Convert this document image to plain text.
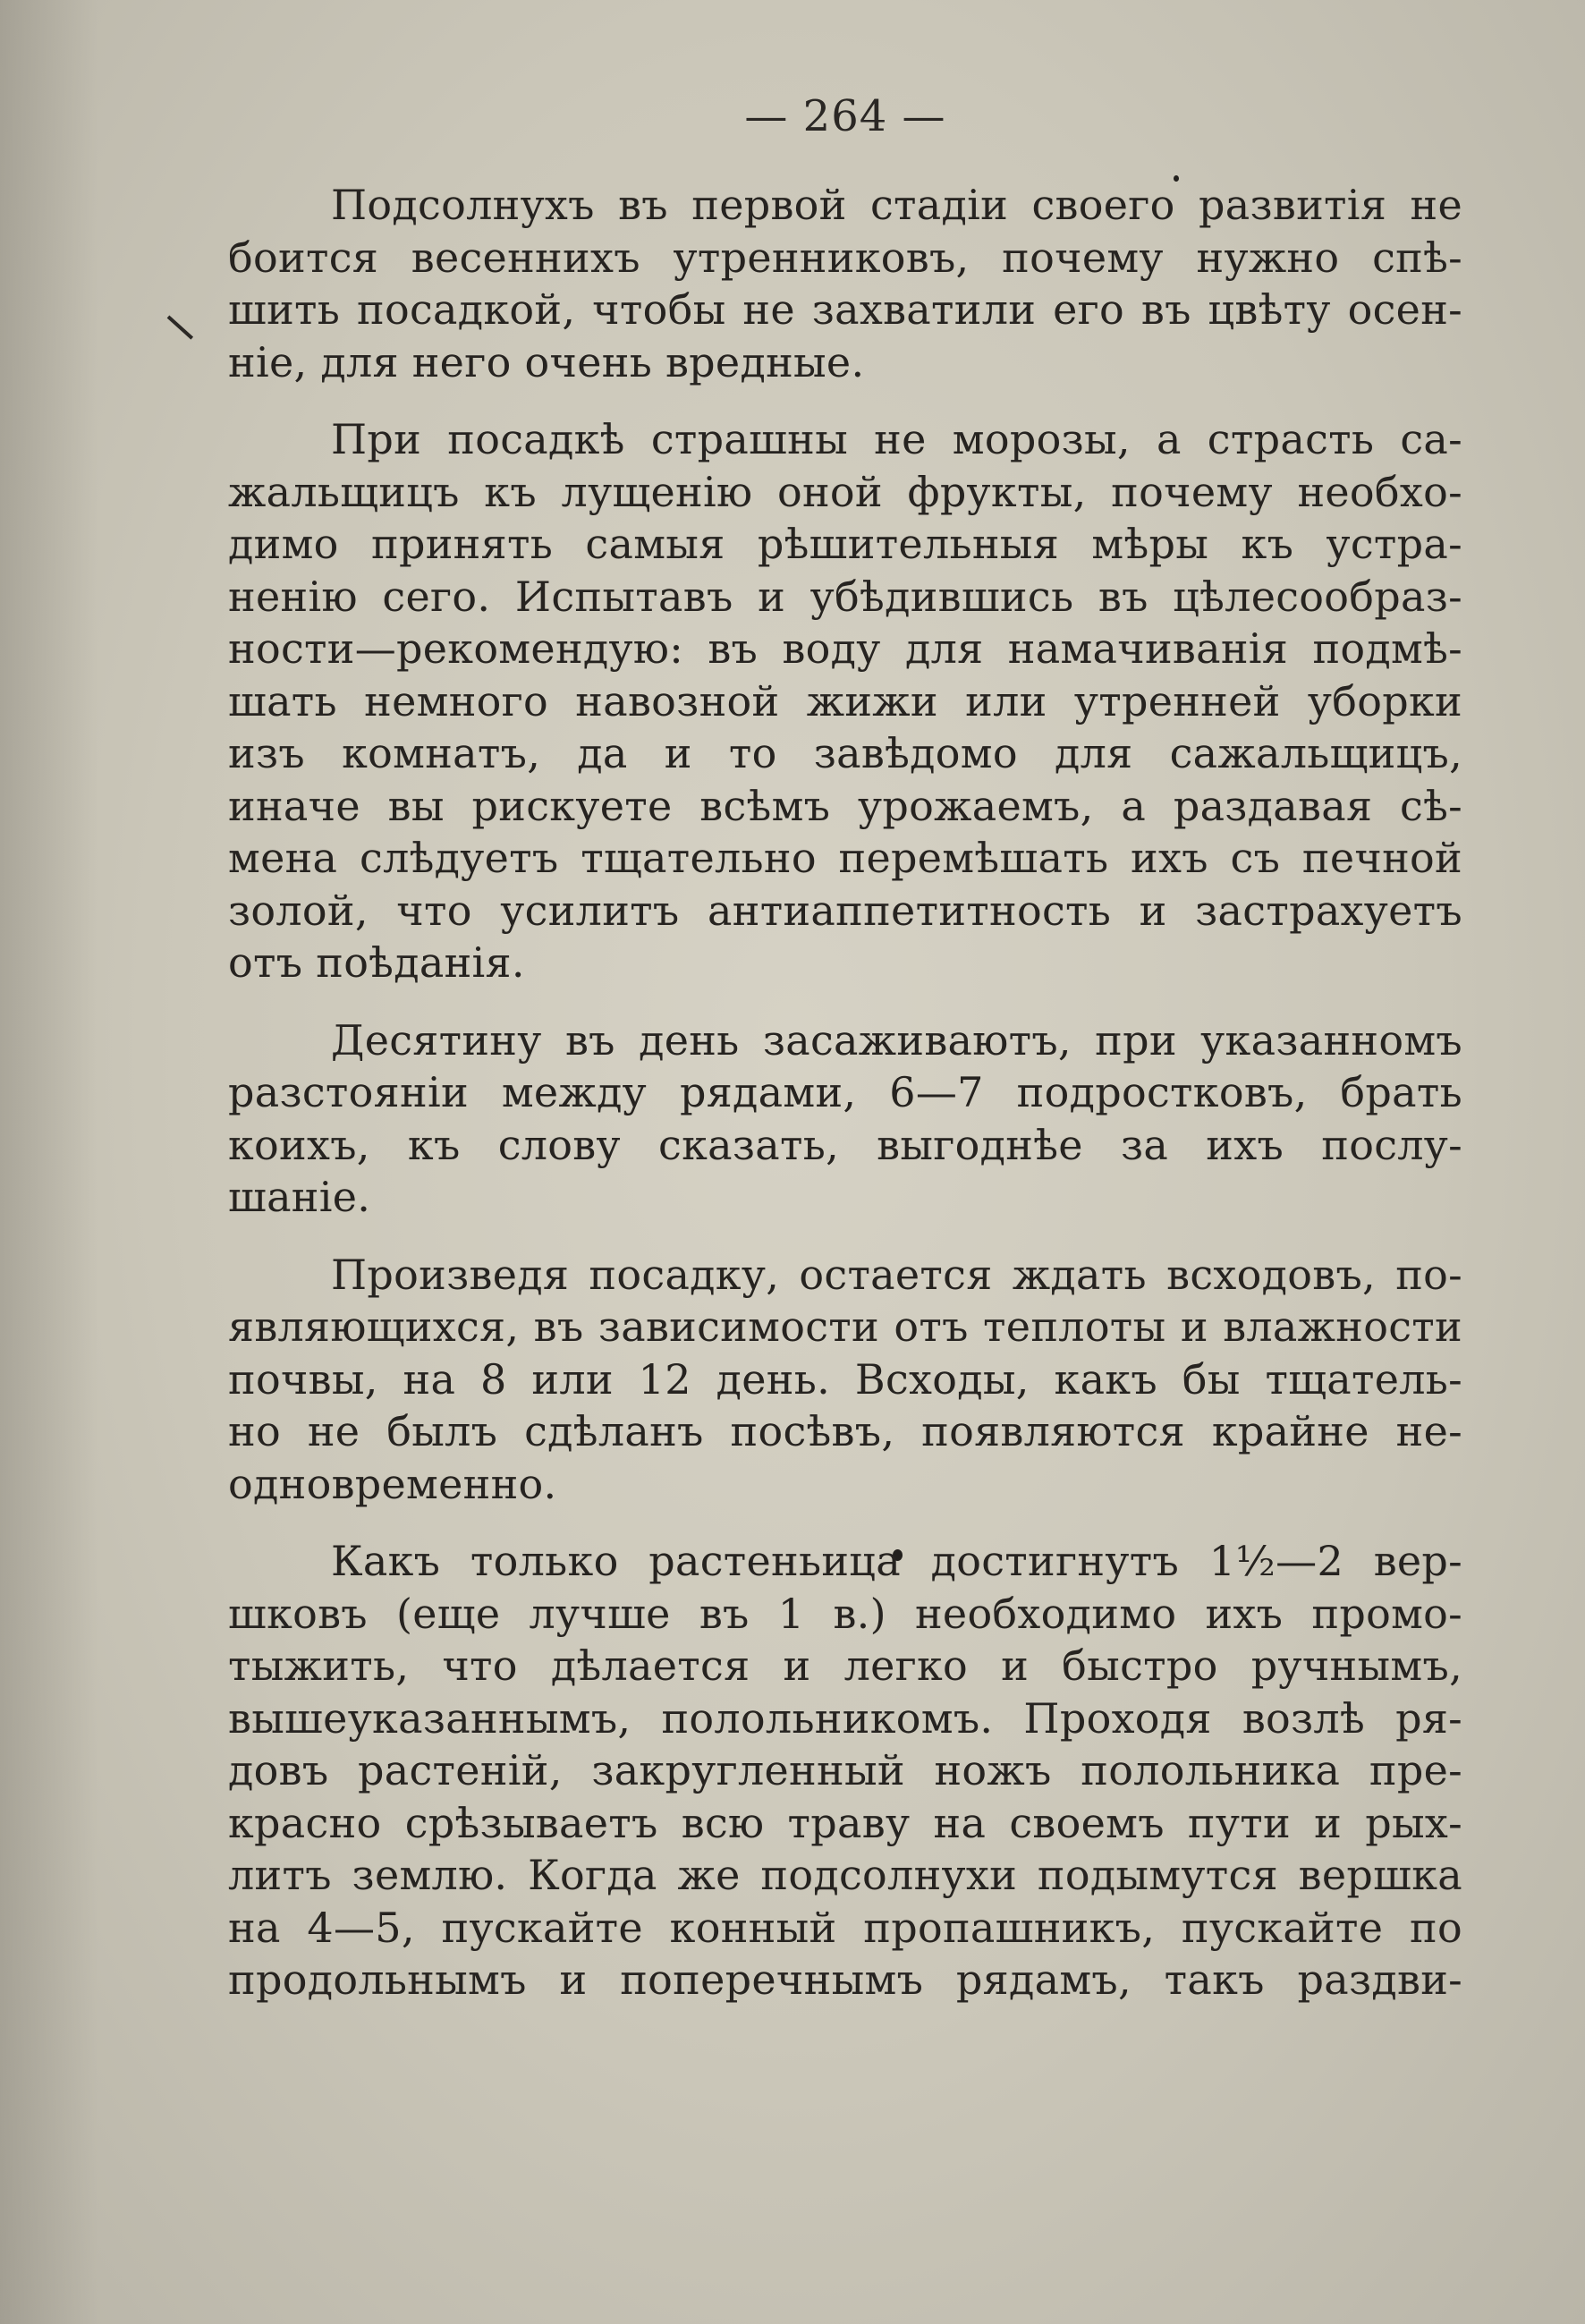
— 264 —
Подсолнухъ въ первой стадiи своего развитiя не
боится весеннихъ утренниковъ, почему нужно спѣ-
шить посадкой, чтобы не захватили его въ цвѣту осен-
нiе, для него очень вредные.
При посадкѣ страшны не морозы, а страсть са-
жальщицъ къ лущенiю оной фрукты, почему необхо-
димо принять самыя рѣшительныя мѣры къ устра-
ненiю сего. Испытавъ и убѣдившись въ цѣлесообраз-
ности—рекомендую: въ воду для намачиванiя подмѣ-
шать немного навозной жижи или утренней уборки
изъ комнатъ, да и то завѣдомо для сажальщицъ,
иначе вы рискуете всѣмъ урожаемъ, а раздавая сѣ-
мена слѣдуетъ тщательно перемѣшать ихъ съ печной
золой, что усилитъ антиаппетитность и застрахуетъ
отъ поѣданiя.
Десятину въ день засаживаютъ, при указанномъ
разстоянiи между рядами, 6—7 подростковъ, брать
коихъ, къ слову сказать, выгоднѣе за ихъ послу-
шанiе.
Произведя посадку, остается ждать всходовъ, по-
являющихся, въ зависимости отъ теплоты и влажности
почвы, на 8 или 12 день. Всходы, какъ бы тщатель-
но не былъ сдѣланъ посѣвъ, появляются крайне не-
одновременно.
Какъ только растеньица достигнутъ 1½—2 вер-
шковъ (еще лучше въ 1 в.) необходимо ихъ промо-
тыжить, что дѣлается и легко и быстро ручнымъ,
вышеуказаннымъ, полольникомъ. Проходя возлѣ ря-
довъ растенiй, закругленный ножъ полольника пре-
красно срѣзываетъ всю траву на своемъ пути и рых-
литъ землю. Когда же подсолнухи подымутся вершка
на 4—5, пускайте конный пропашникъ, пускайте по
продольнымъ и поперечнымъ рядамъ, такъ раздви-
